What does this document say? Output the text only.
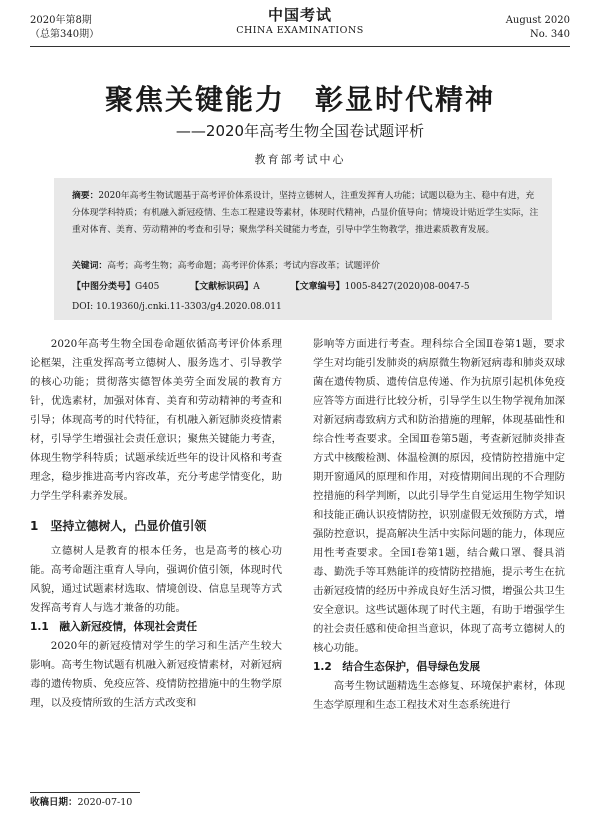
2020年第8期
（总第340期）
中国考试
CHINA EXAMINATIONS
August 2020
No. 340
聚焦关键能力　彰显时代精神
——2020年高考生物全国卷试题评析
教育部考试中心

摘要：2020年高考生物试题基于高考评价体系设计，坚持立德树人，注重发挥育人功能；试题以稳为主、稳中有进，充分体现学科特质；有机融入新冠疫情、生态工程建设等素材，体现时代精神，凸显价值导向；情境设计贴近学生实际，注重对体育、美育、劳动精神的考查和引导；聚焦学科关键能力考查，引导中学生物教学，推进素质教育发展。

关键词：高考；高考生物；高考命题；高考评价体系；考试内容改革；试题评价

【中图分类号】G405	【文献标识码】A	【文章编号】1005-8427(2020)08-0047-5
DOI: 10.19360/j.cnki.11-3303/g4.2020.08.011

2020年高考生物全国卷命题依循高考评价体系理论框架，注重发挥高考立德树人、服务选才、引导教学的核心功能；贯彻落实德智体美劳全面发展的教育方针，优选素材，加强对体育、美育和劳动精神的考查和引导；体现高考的时代特征，有机融入新冠肺炎疫情素材，引导学生增强社会责任意识；聚焦关键能力考查，体现生物学科特质；试题承续近些年的设计风格和考查理念，稳步推进高考内容改革，充分考虑学情变化，助力学生学科素养发展。

1　坚持立德树人，凸显价值引领

立德树人是教育的根本任务，也是高考的核心功能。高考命题注重育人导向，强调价值引领，体现时代风貌，通过试题素材选取、情境创设、信息呈现等方式发挥高考育人与选才兼备的功能。

1.1　融入新冠疫情，体现社会责任

2020年的新冠疫情对学生的学习和生活产生较大影响。高考生物试题有机融入新冠疫情素材，对新冠病毒的遗传物质、免疫应答、疫情防控措施中的生物学原理，以及疫情所致的生活方式改变和

影响等方面进行考查。理科综合全国Ⅱ卷第1题，要求学生对均能引发肺炎的病原微生物新冠病毒和肺炎双球菌在遗传物质、遗传信息传递、作为抗原引起机体免疫应答等方面进行比较分析，引导学生以生物学视角加深对新冠病毒致病方式和防治措施的理解，体现基础性和综合性考查要求。全国Ⅲ卷第5题，考查新冠肺炎排查方式中核酸检测、体温检测的原因，疫情防控措施中定期开窗通风的原理和作用，对疫情期间出现的不合理防控措施的科学判断，以此引导学生自觉运用生物学知识和技能正确认识疫情防控，识别虚假无效预防方式，增强防控意识，提高解决生活中实际问题的能力，体现应用性考查要求。全国Ⅰ卷第1题，结合戴口罩、餐具消毒、勤洗手等耳熟能详的疫情防控措施，提示考生在抗击新冠疫情的经历中养成良好生活习惯，增强公共卫生安全意识。这些试题体现了时代主题，有助于增强学生的社会责任感和使命担当意识，体现了高考立德树人的核心功能。

1.2　结合生态保护，倡导绿色发展

高考生物试题精选生态修复、环境保护素材，体现生态学原理和生态工程技术对生态系统进行

收稿日期：2020-07-10
